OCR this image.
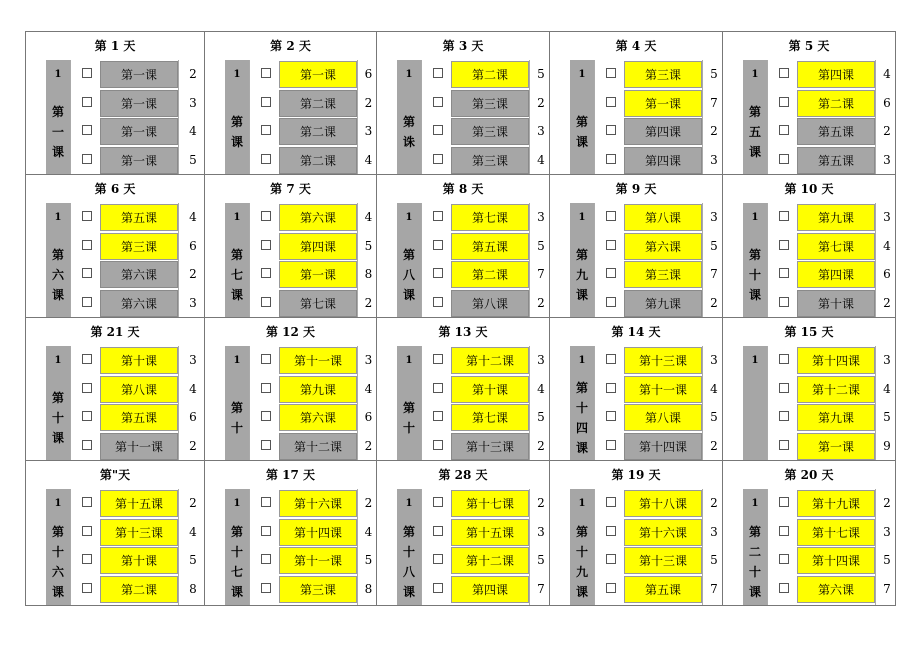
第 1 天
1
第
一
课
第一课	2
第一课	3
第一课	4
第一课	5
第 2 天
1
第
课
第一课	6
第二课	2
第二课	3
第二课	4
第 3 天
1
第
诛
第二课	5
第三课	2
第三课	3
第三课	4
第 4 天
1
第
课
第三课	5
第一课	7
第四课	2
第四课	3
第 5 天
1
第
五
课
第四课	4
第二课	6
第五课	2
第五课	3
第 6 天
1
第
六
课
第五课	4
第三课	6
第六课	2
第六课	3
第 7 天
1
第
七
课
第六课	4
第四课	5
第一课	8
第七课	2
第 8 天
1
第
八
课
第七课	3
第五课	5
第二课	7
第八课	2
第 9 天
1
第
九
课
第八课	3
第六课	5
第三课	7
第九课	2
第 10 天
1
第
十
课
第九课	3
第七课	4
第四课	6
第十课	2
第 21 天
1
第
十
课
第十课	3
第八课	4
第五课	6
第十一课	2
第 12 天
1
第
十
第十一课	3
第九课	4
第六课	6
第十二课	2
第 13 天
1
第
十
第十二课	3
第十课	4
第七课	5
第十三课	2
第 14 天
1
第
十
四
课
第十三课	3
第十一课	4
第八课	5
第十四课	2
第 15 天
1	第十四课	3
第十二课	4
第九课	5
第一课	9
第"天
1
第
十
六
课
第十五课	2
第十三课	4
第十课	5
第二课	8
第 17 天
1
第
十
七
课
第十六课	2
第十四课	4
第十一课	5
第三课	8
第 28 天
1
第
十
八
课
第十七课	2
第十五课	3
第十二课	5
第四课	7
第 19 天
1
第
十
九
课
第十八课	2
第十六课	3
第十三课	5
第五课	7
第 20 天
1
第
二
十
课
第十九课	2
第十七课	3
第十四课	5
第六课	7
